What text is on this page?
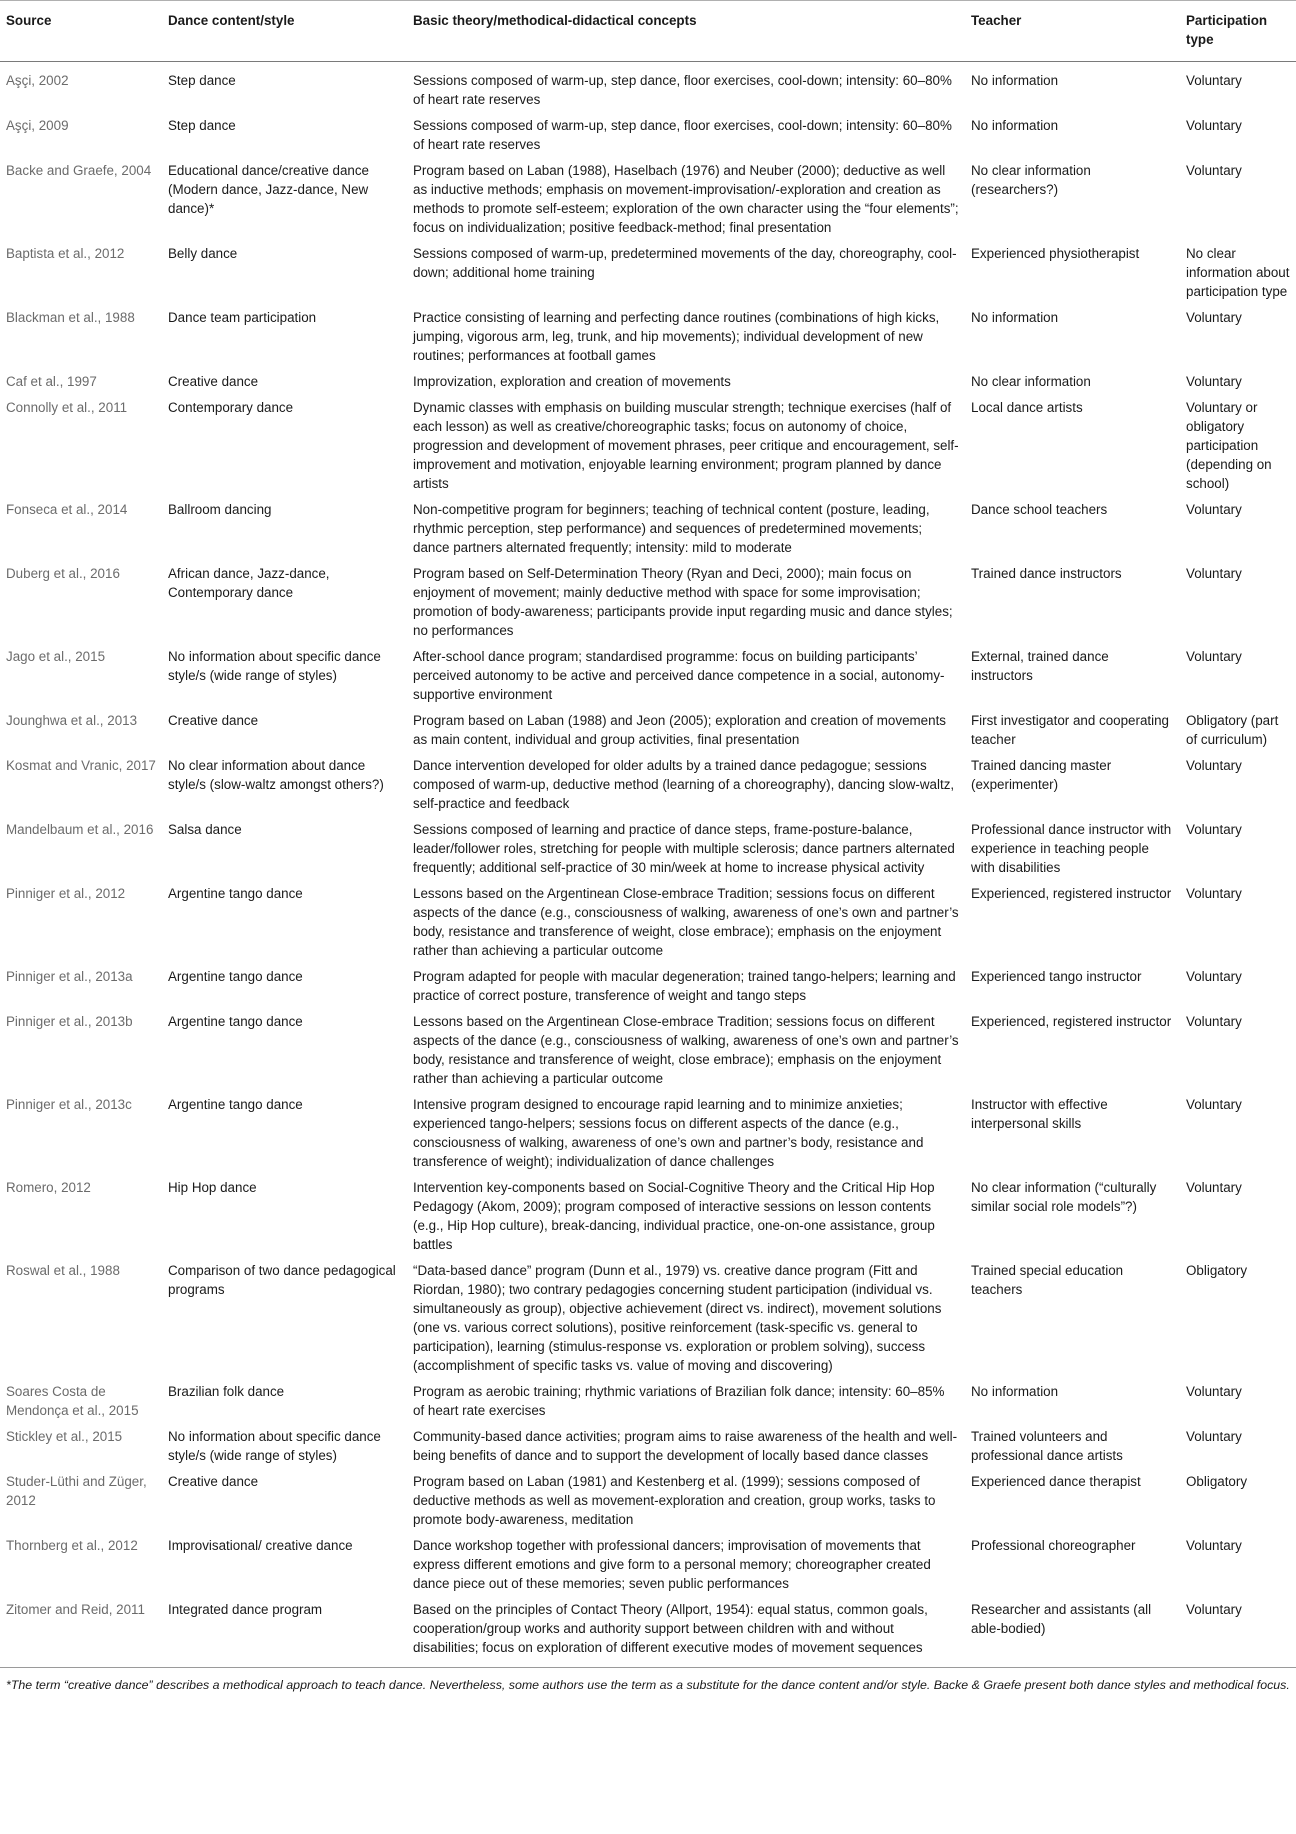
Source	Dance content/style	Basic theory/methodical-didactical concepts	Teacher	Participation type
Aşçi, 2002	Step dance	Sessions composed of warm-up, step dance, floor exercises, cool-down; intensity: 60–80% of heart rate reserves	No information	Voluntary
Aşçi, 2009	Step dance	Sessions composed of warm-up, step dance, floor exercises, cool-down; intensity: 60–80% of heart rate reserves	No information	Voluntary
Backe and Graefe, 2004	Educational dance/creative dance (Modern dance, Jazz-dance, New dance)*	Program based on Laban (1988), Haselbach (1976) and Neuber (2000); deductive as well as inductive methods; emphasis on movement-improvisation/-exploration and creation as methods to promote self-esteem; exploration of the own character using the “four elements”; focus on individualization; positive feedback-method; final presentation	No clear information (researchers?)	Voluntary
Baptista et al., 2012	Belly dance	Sessions composed of warm-up, predetermined movements of the day, choreography, cool-down; additional home training	Experienced physiotherapist	No clear information about participation type
Blackman et al., 1988	Dance team participation	Practice consisting of learning and perfecting dance routines (combinations of high kicks, jumping, vigorous arm, leg, trunk, and hip movements); individual development of new routines; performances at football games	No information	Voluntary
Caf et al., 1997	Creative dance	Improvization, exploration and creation of movements	No clear information	Voluntary
Connolly et al., 2011	Contemporary dance	Dynamic classes with emphasis on building muscular strength; technique exercises (half of each lesson) as well as creative/choreographic tasks; focus on autonomy of choice, progression and development of movement phrases, peer critique and encouragement, self-improvement and motivation, enjoyable learning environment; program planned by dance artists	Local dance artists	Voluntary or obligatory participation (depending on school)
Fonseca et al., 2014	Ballroom dancing	Non-competitive program for beginners; teaching of technical content (posture, leading, rhythmic perception, step performance) and sequences of predetermined movements; dance partners alternated frequently; intensity: mild to moderate	Dance school teachers	Voluntary
Duberg et al., 2016	African dance, Jazz-dance, Contemporary dance	Program based on Self-Determination Theory (Ryan and Deci, 2000); main focus on enjoyment of movement; mainly deductive method with space for some improvisation; promotion of body-awareness; participants provide input regarding music and dance styles; no performances	Trained dance instructors	Voluntary
Jago et al., 2015	No information about specific dance style/s (wide range of styles)	After-school dance program; standardised programme: focus on building participants’ perceived autonomy to be active and perceived dance competence in a social, autonomy-supportive environment	External, trained dance instructors	Voluntary
Jounghwa et al., 2013	Creative dance	Program based on Laban (1988) and Jeon (2005); exploration and creation of movements as main content, individual and group activities, final presentation	First investigator and cooperating teacher	Obligatory (part of curriculum)
Kosmat and Vranic, 2017	No clear information about dance style/s (slow-waltz amongst others?)	Dance intervention developed for older adults by a trained dance pedagogue; sessions composed of warm-up, deductive method (learning of a choreography), dancing slow-waltz, self-practice and feedback	Trained dancing master (experimenter)	Voluntary
Mandelbaum et al., 2016	Salsa dance	Sessions composed of learning and practice of dance steps, frame-posture-balance, leader/follower roles, stretching for people with multiple sclerosis; dance partners alternated frequently; additional self-practice of 30 min/week at home to increase physical activity	Professional dance instructor with experience in teaching people with disabilities	Voluntary
Pinniger et al., 2012	Argentine tango dance	Lessons based on the Argentinean Close-embrace Tradition; sessions focus on different aspects of the dance (e.g., consciousness of walking, awareness of one’s own and partner’s body, resistance and transference of weight, close embrace); emphasis on the enjoyment rather than achieving a particular outcome	Experienced, registered instructor	Voluntary
Pinniger et al., 2013a	Argentine tango dance	Program adapted for people with macular degeneration; trained tango-helpers; learning and practice of correct posture, transference of weight and tango steps	Experienced tango instructor	Voluntary
Pinniger et al., 2013b	Argentine tango dance	Lessons based on the Argentinean Close-embrace Tradition; sessions focus on different aspects of the dance (e.g., consciousness of walking, awareness of one’s own and partner’s body, resistance and transference of weight, close embrace); emphasis on the enjoyment rather than achieving a particular outcome	Experienced, registered instructor	Voluntary
Pinniger et al., 2013c	Argentine tango dance	Intensive program designed to encourage rapid learning and to minimize anxieties; experienced tango-helpers; sessions focus on different aspects of the dance (e.g., consciousness of walking, awareness of one’s own and partner’s body, resistance and transference of weight); individualization of dance challenges	Instructor with effective interpersonal skills	Voluntary
Romero, 2012	Hip Hop dance	Intervention key-components based on Social-Cognitive Theory and the Critical Hip Hop Pedagogy (Akom, 2009); program composed of interactive sessions on lesson contents (e.g., Hip Hop culture), break-dancing, individual practice, one-on-one assistance, group battles	No clear information (“culturally similar social role models”?)	Voluntary
Roswal et al., 1988	Comparison of two dance pedagogical programs	“Data-based dance” program (Dunn et al., 1979) vs. creative dance program (Fitt and Riordan, 1980); two contrary pedagogies concerning student participation (individual vs. simultaneously as group), objective achievement (direct vs. indirect), movement solutions (one vs. various correct solutions), positive reinforcement (task-specific vs. general to participation), learning (stimulus-response vs. exploration or problem solving), success (accomplishment of specific tasks vs. value of moving and discovering)	Trained special education teachers	Obligatory
Soares Costa de Mendonça et al., 2015	Brazilian folk dance	Program as aerobic training; rhythmic variations of Brazilian folk dance; intensity: 60–85% of heart rate exercises	No information	Voluntary
Stickley et al., 2015	No information about specific dance style/s (wide range of styles)	Community-based dance activities; program aims to raise awareness of the health and well-being benefits of dance and to support the development of locally based dance classes	Trained volunteers and professional dance artists	Voluntary
Studer-Lüthi and Züger, 2012	Creative dance	Program based on Laban (1981) and Kestenberg et al. (1999); sessions composed of deductive methods as well as movement-exploration and creation, group works, tasks to promote body-awareness, meditation	Experienced dance therapist	Obligatory
Thornberg et al., 2012	Improvisational/ creative dance	Dance workshop together with professional dancers; improvisation of movements that express different emotions and give form to a personal memory; choreographer created dance piece out of these memories; seven public performances	Professional choreographer	Voluntary
Zitomer and Reid, 2011	Integrated dance program	Based on the principles of Contact Theory (Allport, 1954): equal status, common goals, cooperation/group works and authority support between children with and without disabilities; focus on exploration of different executive modes of movement sequences	Researcher and assistants (all able-bodied)	Voluntary
*The term “creative dance” describes a methodical approach to teach dance. Nevertheless, some authors use the term as a substitute for the dance content and/or style. Backe & Graefe present both dance styles and methodical focus.
